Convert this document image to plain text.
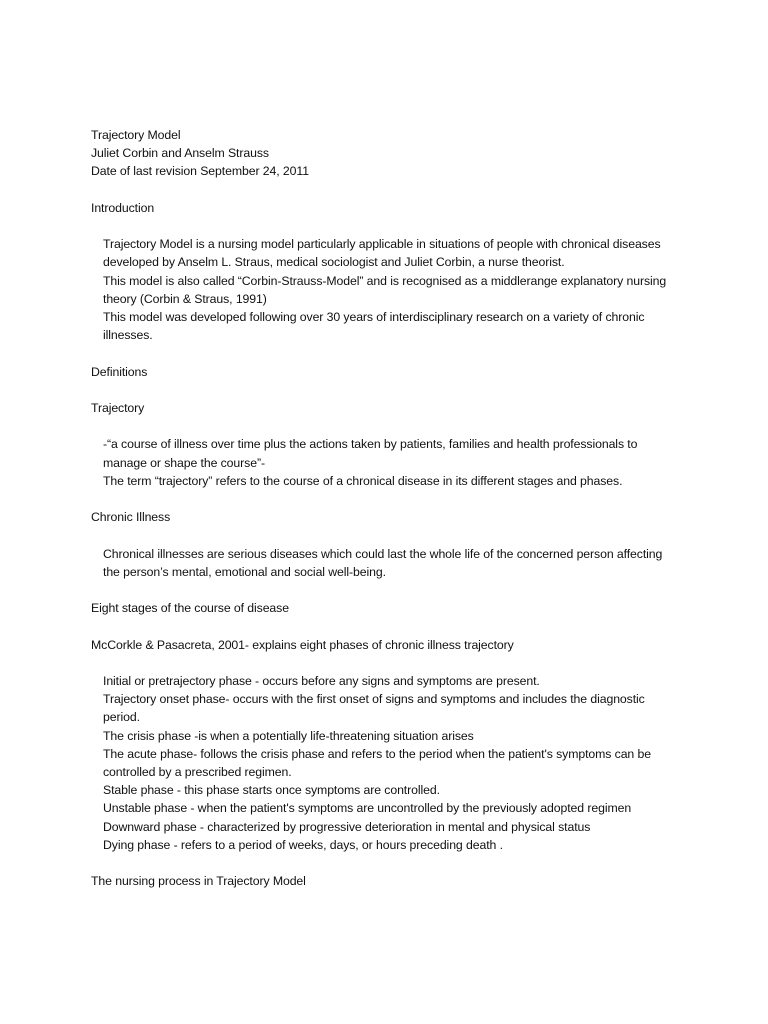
Trajectory Model
Juliet Corbin and Anselm Strauss
Date of last revision September 24, 2011
Introduction
Trajectory Model is a nursing model particularly applicable in situations of people with chronical diseases developed by Anselm L. Straus, medical sociologist and Juliet Corbin, a nurse theorist.
This model is also called “Corbin-Strauss-Model” and is recognised as a middlerange explanatory nursing theory (Corbin & Straus, 1991)
This model was developed following over 30 years of interdisciplinary research on a variety of chronic illnesses.
Definitions
Trajectory
-“a course of illness over time plus the actions taken by patients, families and health professionals to manage or shape the course”-
The term “trajectory” refers to the course of a chronical disease in its different stages and phases.
Chronic Illness
Chronical illnesses are serious diseases which could last the whole life of the concerned person affecting the person’s mental, emotional and social well-being.
Eight stages of the course of disease
McCorkle & Pasacreta, 2001- explains eight phases of chronic illness trajectory
Initial or pretrajectory phase - occurs before any signs and symptoms are present.
Trajectory onset phase- occurs with the first onset of signs and symptoms and includes the diagnostic period.
The crisis phase -is when a potentially life-threatening situation arises
The acute phase- follows the crisis phase and refers to the period when the patient's symptoms can be controlled by a prescribed regimen.
Stable phase - this phase starts once symptoms are controlled.
Unstable phase - when the patient's symptoms are uncontrolled by the previously adopted regimen
Downward phase - characterized by progressive deterioration in mental and physical status
Dying phase - refers to a period of weeks, days, or hours preceding death .
The nursing process in Trajectory Model
